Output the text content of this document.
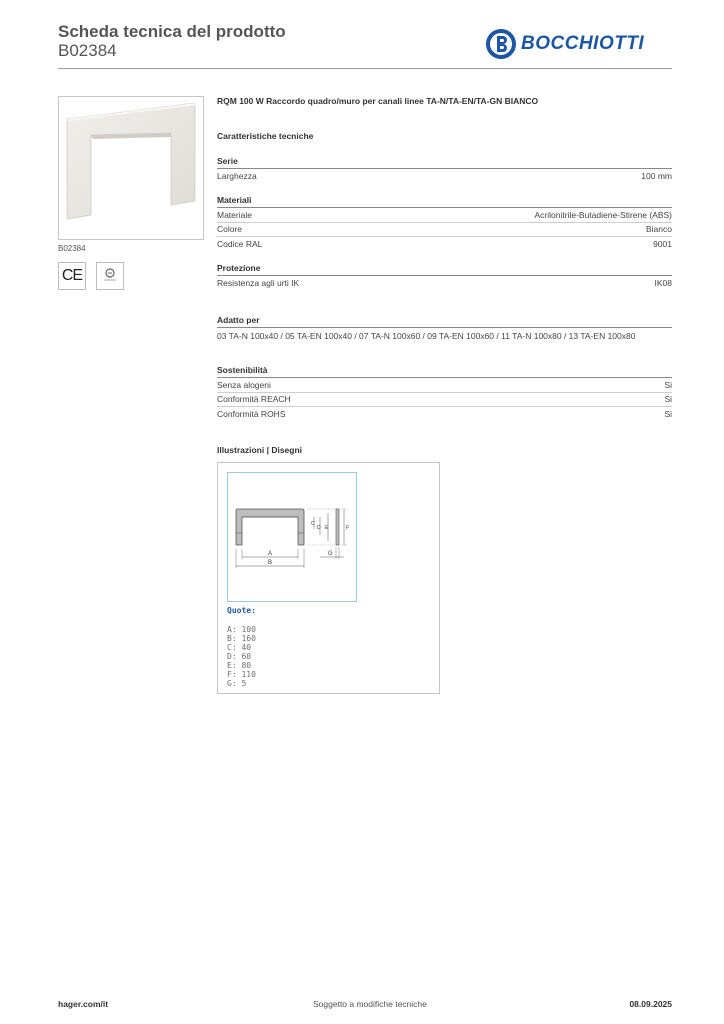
Scheda tecnica del prodotto
B02384	BOCCHIOTTI
B02384
CE
RQM 100 W Raccordo quadro/muro per canali linee TA-N/TA-EN/TA-GN BIANCO
Caratteristiche tecniche
Serie
Larghezza	100 mm
Materiali
Materiale	Acrilonitrile-Butadiene-Stirene (ABS)
Colore	Bianco
Codice RAL	9001
Protezione
Resistenza agli urti IK	IK08
Adatto per
03 TA-N 100x40 / 05 TA-EN 100x40 / 07 TA-N 100x60 / 09 TA-EN 100x60 / 11 TA-N 100x80 / 13 TA-EN 100x80
Sostenibilità
Senza alogeni	Si
Conformità REACH	Si
Conformità ROHS	Si
Illustrazioni | Disegni
A
B
C
D E	F
G
Quote:
A: 100
B: 160
C: 40
D: 60
E: 80
F: 110
G: 5
hager.com/it	Soggetto a modifiche tecniche	08.09.2025
